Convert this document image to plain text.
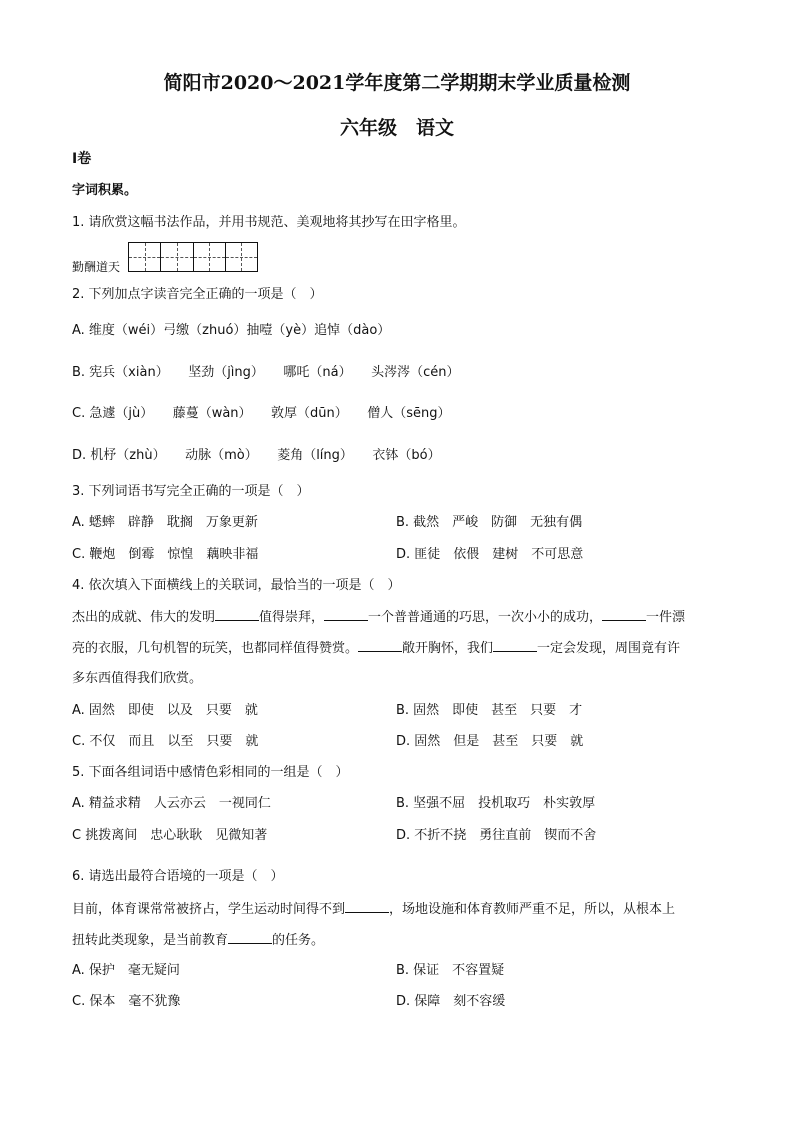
简阳市2020～2021学年度第二学期期末学业质量检测
六年级　语文
Ⅰ卷
字词积累。
1. 请欣赏这幅书法作品，并用书规范、美观地将其抄写在田字格里。
勤酬道天
2. 下列加点字读音完全正确的一项是（　）
A. 维度（wéi）弓缴（zhuó）抽噎（yè）追悼（dào）
B. 宪兵（xiàn）　　坚劲（jìng）　　哪吒（ná）　　头涔涔（cén）
C. 急遽（jù）　　藤蔓（wàn）　　敦厚（dūn）　　僧人（sēng）
D. 机杼（zhù）　　动脉（mò）　　菱角（líng）　　衣钵（bó）
3. 下列词语书写完全正确的一项是（　）
A. 蟋蟀　辟静　耽搁　万象更新	B. 截然　严峻　防御　无独有偶
C. 鞭炮　倒霉　惊惶　藕映非福	D. 匪徒　依偎　建树　不可思意
4. 依次填入下面横线上的关联词，最恰当的一项是（　）
杰出的成就、伟大的发明	值得崇拜，	一个普普通通的巧思，一次小小的成功，	一件漂
亮的衣服，几句机智的玩笑，也都同样值得赞赏。	敞开胸怀，我们	一定会发现，周围竟有许
多东西值得我们欣赏。
A. 固然　即使　以及　只要　就	B. 固然　即使　甚至　只要　才
C. 不仅　而且　以至　只要　就	D. 固然　但是　甚至　只要　就
5. 下面各组词语中感情色彩相同的一组是（　）
A. 精益求精　人云亦云　一视同仁	B. 坚强不屈　投机取巧　朴实敦厚
C 挑拨离间　忠心耿耿　见微知著	D. 不折不挠　勇往直前　锲而不舍
6. 请选出最符合语境的一项是（　）
目前，体育课常常被挤占，学生运动时间得不到	，场地设施和体育教师严重不足，所以，从根本上
扭转此类现象，是当前教育	的任务。
A. 保护　毫无疑问	B. 保证　不容置疑
C. 保本　毫不犹豫	D. 保障　刻不容缓
